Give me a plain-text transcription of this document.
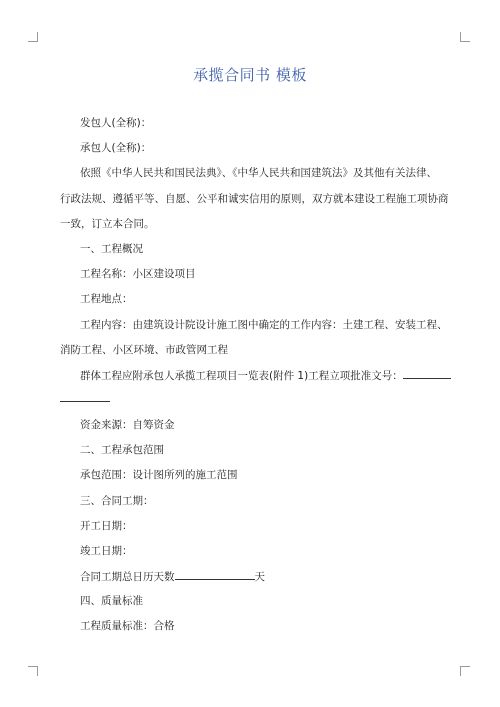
承揽合同书 模板
发包人(全称)：
承包人(全称)：
依照《中华人民共和国民法典》、《中华人民共和国建筑法》及其他有关法律、
行政法规、遵循平等、自愿、公平和诚实信用的原则，双方就本建设工程施工项协商
一致，订立本合同。
一、工程概况
工程名称：小区建设项目
工程地点：
工程内容：由建筑设计院设计施工图中确定的工作内容：土建工程、安装工程、
消防工程、小区环境、市政管网工程
群体工程应附承包人承揽工程项目一览表(附件 1)工程立项批准文号：
资金来源：自筹资金
二、工程承包范围
承包范围：设计图所列的施工范围
三、合同工期：
开工日期：
竣工日期：
合同工期总日历天数	天
四、质量标准
工程质量标准：合格
